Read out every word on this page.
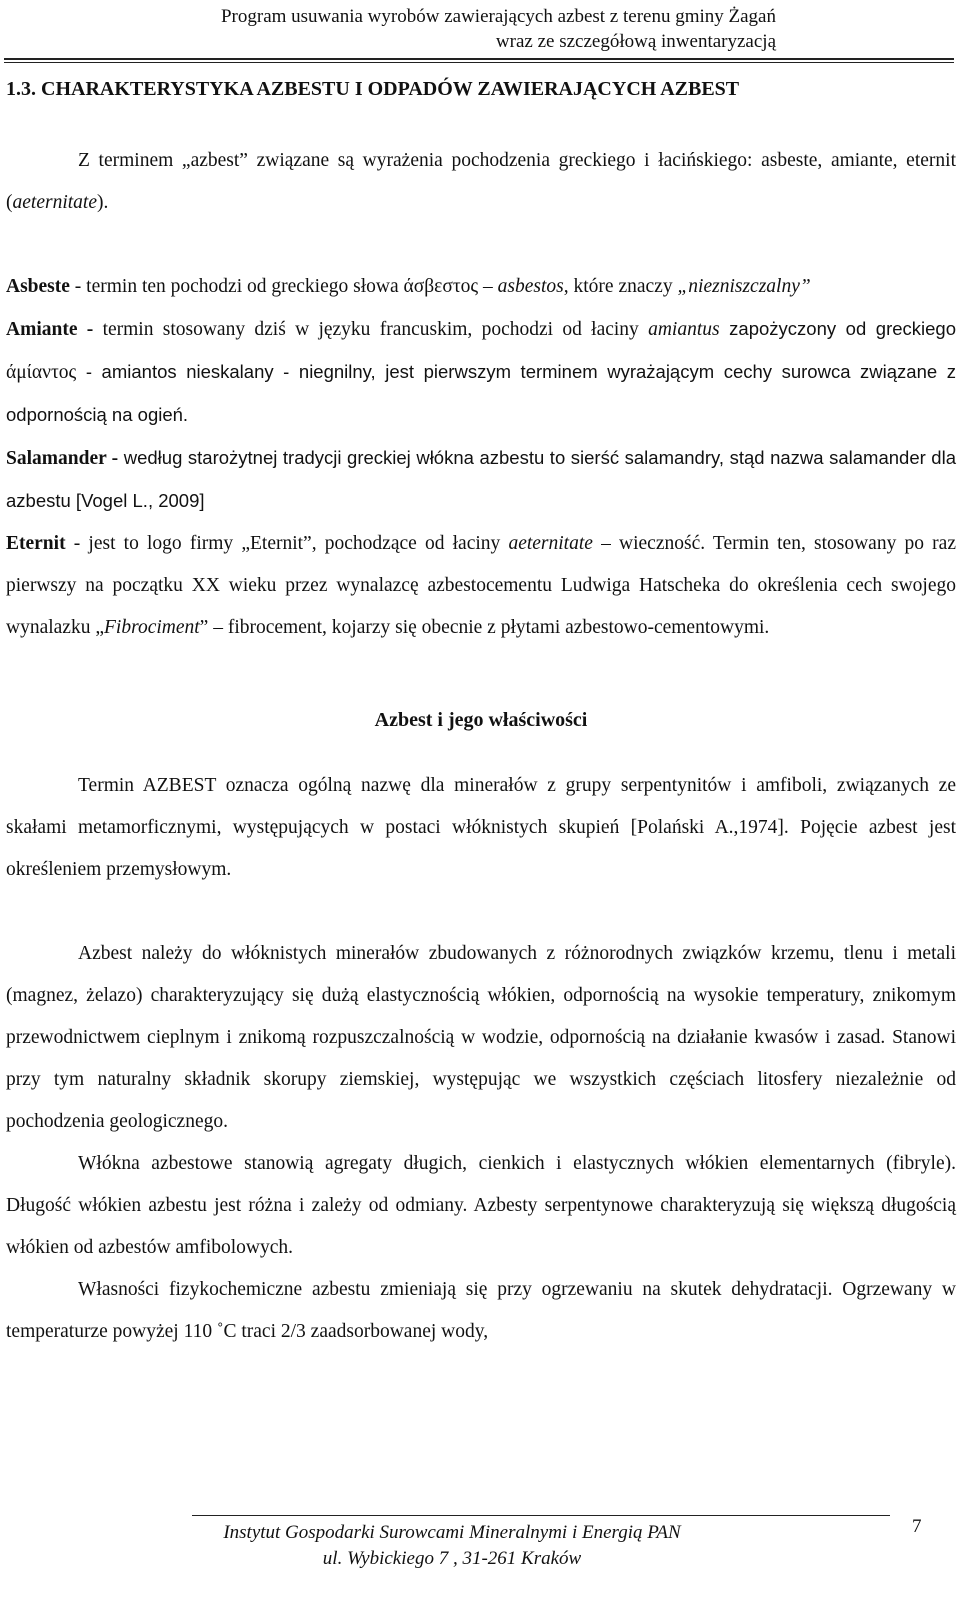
Program usuwania wyrobów zawierających azbest z terenu gminy Żagań
wraz ze szczegółową inwentaryzacją
1.3. CHARAKTERYSTYKA AZBESTU I ODPADÓW ZAWIERAJĄCYCH AZBEST

Z terminem „azbest” związane są wyrażenia pochodzenia greckiego i łacińskiego: asbeste, amiante, eternit (aeternitate).

Asbeste - termin ten pochodzi od greckiego słowa άσβεστος – asbestos, które znaczy „niezniszczalny”

Amiante - termin stosowany dziś w języku francuskim, pochodzi od łaciny amiantus zapożyczony od greckiego άμίαντος - amiantos nieskalany - niegnilny, jest pierwszym terminem wyrażającym cechy surowca związane z odpornością na ogień.

Salamander - według starożytnej tradycji greckiej włókna azbestu to sierść salamandry, stąd nazwa salamander dla azbestu [Vogel L., 2009]

Eternit - jest to logo firmy „Eternit”, pochodzące od łaciny aeternitate – wieczność. Termin ten, stosowany po raz pierwszy na początku XX wieku przez wynalazcę azbestocementu Ludwiga Hatscheka do określenia cech swojego wynalazku „Fibrociment” – fibrocement, kojarzy się obecnie z płytami azbestowo-cementowymi.

Azbest i jego właściwości

Termin AZBEST oznacza ogólną nazwę dla minerałów z grupy serpentynitów i amfiboli, związanych ze skałami metamorficznymi, występujących w postaci włóknistych skupień [Polański A.,1974]. Pojęcie azbest jest określeniem przemysłowym.

Azbest należy do włóknistych minerałów zbudowanych z różnorodnych związków krzemu, tlenu i metali (magnez, żelazo) charakteryzujący się dużą elastycznością włókien, odpornością na wysokie temperatury, znikomym przewodnictwem cieplnym i znikomą rozpuszczalnością w wodzie, odpornością na działanie kwasów i zasad. Stanowi przy tym naturalny składnik skorupy ziemskiej, występując we wszystkich częściach litosfery niezależnie od pochodzenia geologicznego.

Włókna azbestowe stanowią agregaty długich, cienkich i elastycznych włókien elementarnych (fibryle). Długość włókien azbestu jest różna i zależy od odmiany. Azbesty serpentynowe charakteryzują się większą długością włókien od azbestów amfibolowych.

Własności fizykochemiczne azbestu zmieniają się przy ogrzewaniu na skutek dehydratacji. Ogrzewany w temperaturze powyżej 110 ˚C traci 2/3 zaadsorbowanej wody,

Instytut Gospodarki Surowcami Mineralnymi i Energią PAN
ul. Wybickiego 7 , 31-261 Kraków
7
